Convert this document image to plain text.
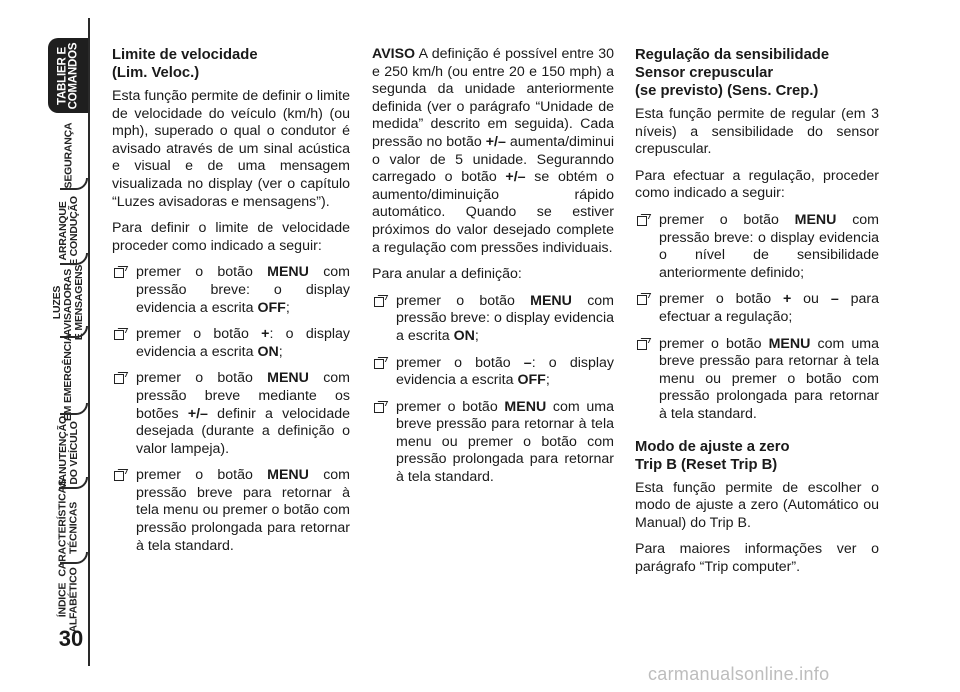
TABLIER E
COMANDOS
SEGURANÇA
ARRANQUE
E CONDUÇÃO
LUZES
AVISADORAS
E MENSAGENS
EM EMERGÊNCIA
MANUTENÇÃO
DO VEÍCULO
CARACTERÍSTICAS
TÉCNICAS
ÍNDICE
ALFABÉTICO
30
Limite de velocidade
(Lim. Veloc.)
Esta função permite de definir o limite de velocidade do veículo (km/h) (ou mph), superado o qual o condutor é avisado através de um sinal acústica e visual e de uma mensagem visualizada no display (ver o capítulo “Luzes avisadoras e mensagens”).
Para definir o limite de velocidade proceder como indicado a seguir:
premer o botão MENU com pressão breve: o display evidencia a escrita OFF;
premer o botão +: o display evidencia a escrita ON;
premer o botão MENU com pressão breve mediante os botões +/– definir a velocidade desejada (durante a definição o valor lampeja).
premer o botão MENU com pressão breve para retornar à tela menu ou premer o botão com pressão prolongada para retornar à tela standard.
AVISO A definição é possível entre 30 e 250 km/h (ou entre 20 e 150 mph) a segunda da unidade anteriormente definida (ver o parágrafo “Unidade de medida” descrito em seguida). Cada pressão no botão +/– aumenta/diminui o valor de 5 unidade. Seguranndo carregado o botão +/– se obtém o aumento/diminuição rápido automático. Quando se estiver próximos do valor desejado complete a regulação com pressões individuais.
Para anular a definição:
premer o botão MENU com pressão breve: o display evidencia a escrita ON;
premer o botão –: o display evidencia a escrita OFF;
premer o botão MENU com uma breve pressão para retornar à tela menu ou premer o botão com pressão prolongada para retornar à tela standard.
Regulação da sensibilidade
Sensor crepuscular
(se previsto) (Sens. Crep.)
Esta função permite de regular (em 3 níveis) a sensibilidade do sensor crepuscular.
Para efectuar a regulação, proceder como indicado a seguir:
premer o botão MENU com pressão breve: o display evidencia o nível de sensibilidade anteriormente definido;
premer o botão + ou – para efectuar a regulação;
premer o botão MENU com uma breve pressão para retornar à tela menu ou premer o botão com pressão prolongada para retornar à tela standard.
Modo de ajuste a zero
Trip B (Reset Trip B)
Esta função permite de escolher o modo de ajuste a zero (Automático ou Manual) do Trip B.
Para maiores informações ver o parágrafo “Trip computer”.
carmanualsonline.info
